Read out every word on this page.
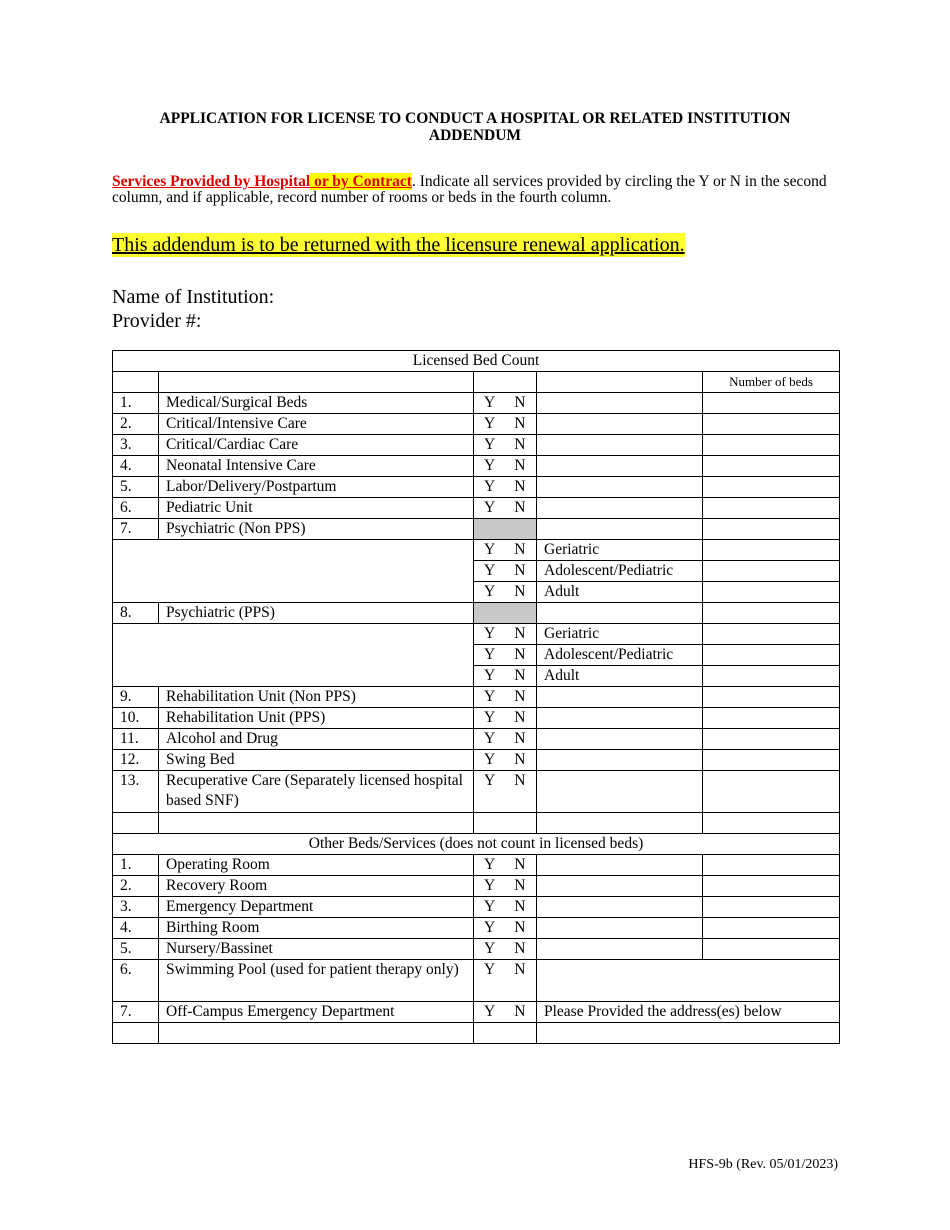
APPLICATION FOR LICENSE TO CONDUCT A HOSPITAL OR RELATED INSTITUTION
ADDENDUM
Services Provided by Hospital or by Contract. Indicate all services provided by circling the Y or N in the second column, and if applicable, record number of rooms or beds in the fourth column.
This addendum is to be returned with the licensure renewal application.
Name of Institution:
Provider #:
Licensed Bed Count				
				Number of beds
1.	Medical/Surgical Beds	Y N		
2.	Critical/Intensive Care	Y N		
3.	Critical/Cardiac Care	Y N		
4.	Neonatal Intensive Care	Y N		
5.	Labor/Delivery/Postpartum	Y N		
6.	Pediatric Unit	Y N		
7.	Psychiatric (Non PPS)			
		Y N	Geriatric	
		Y N	Adolescent/Pediatric	
		Y N	Adult	
8.	Psychiatric (PPS)			
		Y N	Geriatric	
		Y N	Adolescent/Pediatric	
		Y N	Adult	
9.	Rehabilitation Unit (Non PPS)	Y N		
10.	Rehabilitation Unit (PPS)	Y N		
11.	Alcohol and Drug	Y N		
12.	Swing Bed	Y N		
13.	Recuperative Care (Separately licensed hospital based SNF)	Y N		

Other Beds/Services (does not count in licensed beds)				
1.	Operating Room	Y N		
2.	Recovery Room	Y N		
3.	Emergency Department	Y N		
4.	Birthing Room	Y N		
5.	Nursery/Bassinet	Y N		
6.	Swimming Pool (used for patient therapy only)	Y N		
7.	Off-Campus Emergency Department	Y N	Please Provided the address(es) below	

HFS-9b (Rev. 05/01/2023)
